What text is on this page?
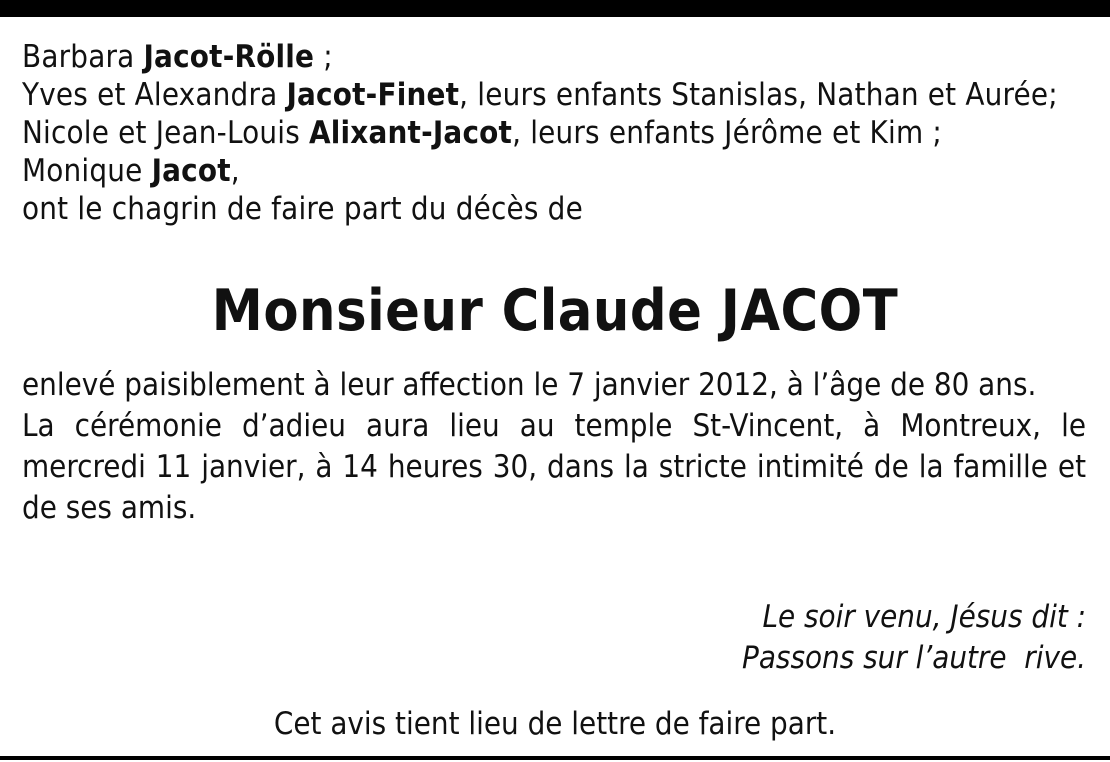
Barbara Jacot-Rölle ;
Yves et Alexandra Jacot-Finet, leurs enfants Stanislas, Nathan et Aurée;
Nicole et Jean-Louis Alixant-Jacot, leurs enfants Jérôme et Kim ;
Monique Jacot,
ont le chagrin de faire part du décès de
Monsieur Claude JACOT

enlevé paisiblement à leur affection le 7 janvier 2012, à l’âge de 80 ans.

La cérémonie d’adieu aura lieu au temple St-Vincent, à Montreux, le mercredi 11 janvier, à 14 heures 30, dans la stricte intimité de la famille et de ses amis.

Le soir venu, Jésus dit :
Passons sur l’autre  rive.
Cet avis tient lieu de lettre de faire part.
